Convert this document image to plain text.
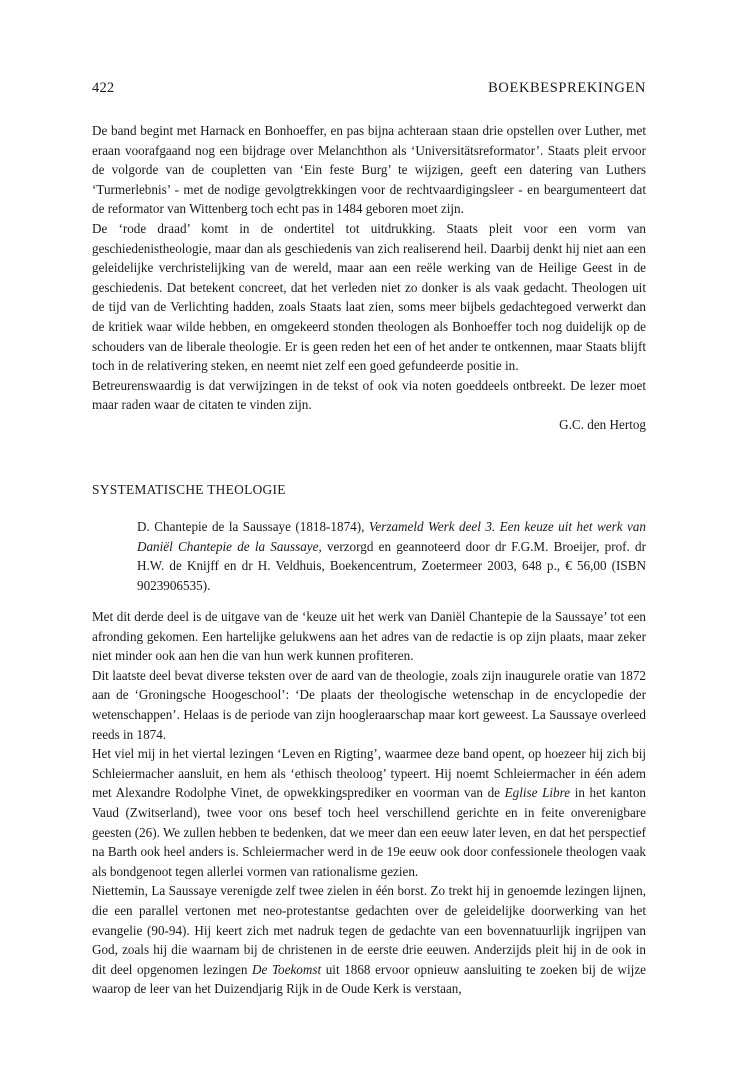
422	BOEKBESPREKINGEN

De band begint met Harnack en Bonhoeffer, en pas bijna achteraan staan drie opstellen over Luther, met eraan voorafgaand nog een bijdrage over Melanchthon als ‘Universitätsreformator’. Staats pleit ervoor de volgorde van de coupletten van ‘Ein feste Burg’ te wijzigen, geeft een datering van Luthers ‘Turmerlebnis’ - met de nodige gevolgtrekkingen voor de rechtvaardigingsleer - en beargumenteert dat de reformator van Wittenberg toch echt pas in 1484 geboren moet zijn.

De ‘rode draad’ komt in de ondertitel tot uitdrukking. Staats pleit voor een vorm van geschiedenistheologie, maar dan als geschiedenis van zich realiserend heil. Daarbij denkt hij niet aan een geleidelijke verchristelijking van de wereld, maar aan een reële werking van de Heilige Geest in de geschiedenis. Dat betekent concreet, dat het verleden niet zo donker is als vaak gedacht. Theologen uit de tijd van de Verlichting hadden, zoals Staats laat zien, soms meer bijbels gedachtegoed verwerkt dan de kritiek waar wilde hebben, en omgekeerd stonden theologen als Bonhoeffer toch nog duidelijk op de schouders van de liberale theologie. Er is geen reden het een of het ander te ontkennen, maar Staats blijft toch in de relativering steken, en neemt niet zelf een goed gefundeerde positie in.

Betreurenswaardig is dat verwijzingen in de tekst of ook via noten goeddeels ontbreekt. De lezer moet maar raden waar de citaten te vinden zijn.

G.C. den Hertog

SYSTEMATISCHE THEOLOGIE

D. Chantepie de la Saussaye (1818-1874), Verzameld Werk deel 3. Een keuze uit het werk van Daniël Chantepie de la Saussaye, verzorgd en geannoteerd door dr F.G.M. Broeijer, prof. dr H.W. de Knijff en dr H. Veldhuis, Boekencentrum, Zoetermeer 2003, 648 p., € 56,00 (ISBN 9023906535).

Met dit derde deel is de uitgave van de ‘keuze uit het werk van Daniël Chantepie de la Saussaye’ tot een afronding gekomen. Een hartelijke gelukwens aan het adres van de redactie is op zijn plaats, maar zeker niet minder ook aan hen die van hun werk kunnen profiteren.

Dit laatste deel bevat diverse teksten over de aard van de theologie, zoals zijn inaugurele oratie van 1872 aan de ‘Groningsche Hoogeschool’: ‘De plaats der theologische wetenschap in de encyclopedie der wetenschappen’. Helaas is de periode van zijn hoogleraarschap maar kort geweest. La Saussaye overleed reeds in 1874.

Het viel mij in het viertal lezingen ‘Leven en Rigting’, waarmee deze band opent, op hoezeer hij zich bij Schleiermacher aansluit, en hem als ‘ethisch theoloog’ typeert. Hij noemt Schleiermacher in één adem met Alexandre Rodolphe Vinet, de opwekkingsprediker en voorman van de Eglise Libre in het kanton Vaud (Zwitserland), twee voor ons besef toch heel verschillend gerichte en in feite onverenigbare geesten (26). We zullen hebben te bedenken, dat we meer dan een eeuw later leven, en dat het perspectief na Barth ook heel anders is. Schleiermacher werd in de 19e eeuw ook door confessionele theologen vaak als bondgenoot tegen allerlei vormen van rationalisme gezien.

Niettemin, La Saussaye verenigde zelf twee zielen in één borst. Zo trekt hij in genoemde lezingen lijnen, die een parallel vertonen met neo-protestantse gedachten over de geleidelijke doorwerking van het evangelie (90-94). Hij keert zich met nadruk tegen de gedachte van een bovennatuurlijk ingrijpen van God, zoals hij die waarnam bij de christenen in de eerste drie eeuwen. Anderzijds pleit hij in de ook in dit deel opgenomen lezingen De Toekomst uit 1868 ervoor opnieuw aansluiting te zoeken bij de wijze waarop de leer van het Duizendjarig Rijk in de Oude Kerk is verstaan,
